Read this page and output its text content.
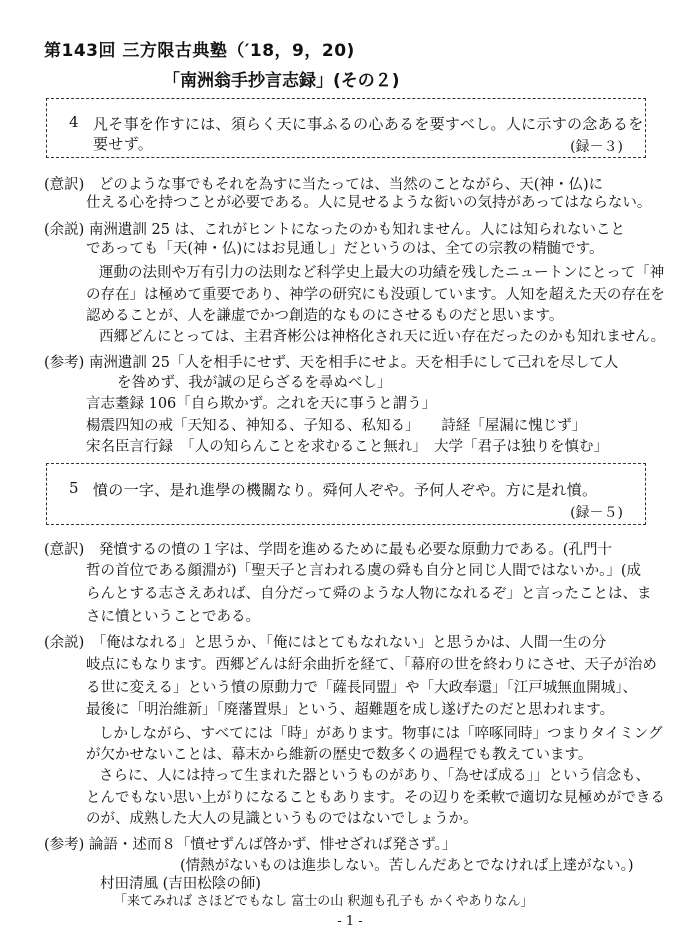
第143回 三方限古典塾（′18，9，20)
「南洲翁手抄言志録」(その２)
4 凡そ事を作すには、須らく天に事ふるの心あるを要すべし。人に示すの念あるを
要せず。	(録－３)
(意訳)　どのような事でもそれを為すに当たっては、当然のことながら、天(神・仏)に
仕える心を持つことが必要である。人に見せるような衒いの気持があってはならない。
(余説) 南洲遺訓 25 は、これがヒントになったのかも知れません。人には知られないこと
であっても「天(神・仏)にはお見通し」だというのは、全ての宗教の精髄です。
運動の法則や万有引力の法則など科学史上最大の功績を残したニュートンにとって「神
の存在」は極めて重要であり、神学の研究にも没頭しています。人知を超えた天の存在を
認めることが、人を謙虚でかつ創造的なものにさせるものだと思います。
西郷どんにとっては、主君斉彬公は神格化され天に近い存在だったのかも知れません。
(参考) 南洲遺訓 25「人を相手にせず、天を相手にせよ。天を相手にして己れを尽して人
を咎めず、我が誠の足らざるを尋ぬべし」
言志耋録 106「自ら欺かず。之れを天に事うと謂う」
楊震四知の戒「天知る、神知る、子知る、私知る」　　詩経「屋漏に愧じず」
宋名臣言行録　「人の知らんことを求むること無れ」　大学「君子は独りを慎む」
5 憤の一字、是れ進學の機關なり。舜何人ぞや。予何人ぞや。方に是れ憤。
(録－５)
(意訳)　発憤するの憤の１字は、学問を進めるために最も必要な原動力である。(孔門十
哲の首位である顔淵が)「聖天子と言われる虞の舜も自分と同じ人間ではないか。」(成
らんとする志さえあれば、自分だって舜のような人物になれるぞ」と言ったことは、ま
さに憤ということである。
(余説)　「俺はなれる」と思うか、「俺にはとてもなれない」と思うかは、人間一生の分
岐点にもなります。西郷どんは紆余曲折を経て、「幕府の世を終わりにさせ、天子が治め
る世に変える」という憤の原動力で「薩長同盟」や「大政奉還」「江戸城無血開城」、
最後に「明治維新」「廃藩置県」という、超難題を成し遂げたのだと思われます。
しかしながら、すべてには「時」があります。物事には「啐啄同時」つまりタイミング
が欠かせないことは、幕末から維新の歴史で数多くの過程でも教えています。
さらに、人には持って生まれた器というものがあり、「為せば成る」」という信念も、
とんでもない思い上がりになることもあります。その辺りを柔軟で適切な見極めができる
のが、成熟した大人の見識というものではないでしょうか。
(参考) 論語・述而８「憤せずんば啓かず、悱せざれば発さず。」
(情熱がないものは進歩しない。苦しんだあとでなければ上達がない。)
村田清風 (吉田松陰の師)
- 1 -
「来てみれば さほどでもなし 富士の山 釈迦も孔子も かくやありなん」
